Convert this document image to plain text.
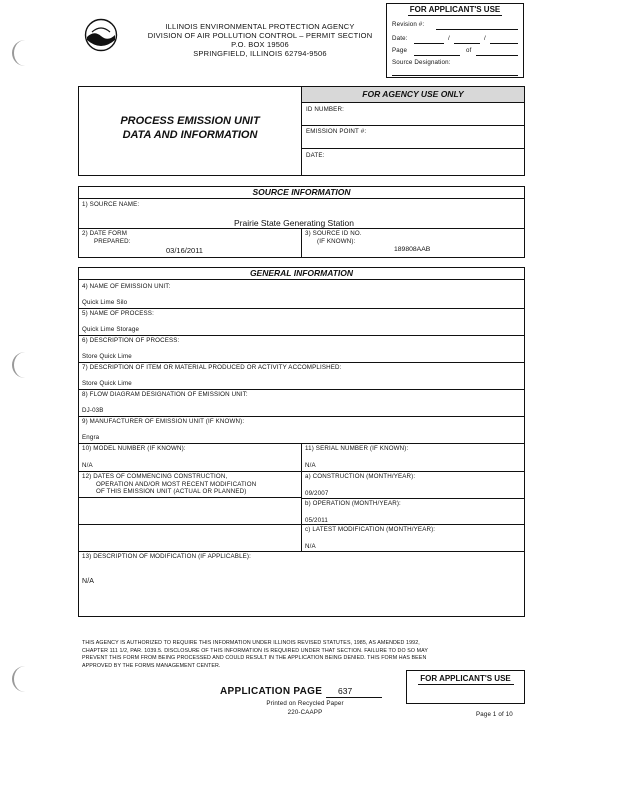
ILLINOIS ENVIRONMENTAL PROTECTION AGENCY
DIVISION OF AIR POLLUTION CONTROL – PERMIT SECTION
P.O. BOX 19506
SPRINGFIELD, ILLINOIS 62794-9506
FOR APPLICANT'S USE
Revision #:
Date:	/	/
Page	of
Source Designation:
PROCESS EMISSION UNIT
DATA AND INFORMATION
FOR AGENCY USE ONLY
ID NUMBER:
EMISSION POINT #:
DATE:
SOURCE INFORMATION
1) SOURCE NAME:
Prairie State Generating Station
2) DATE FORM
PREPARED:
03/16/2011
3) SOURCE ID NO.
(IF KNOWN):
189808AAB
GENERAL INFORMATION
4) NAME OF EMISSION UNIT:
Quick Lime Silo
5) NAME OF PROCESS:
Quick Lime Storage
6) DESCRIPTION OF PROCESS:
Store Quick Lime
7) DESCRIPTION OF ITEM OR MATERIAL PRODUCED OR ACTIVITY ACCOMPLISHED:
Store Quick Lime
8) FLOW DIAGRAM DESIGNATION OF EMISSION UNIT:
DJ-03B
9) MANUFACTURER OF EMISSION UNIT (IF KNOWN):
Engra
10) MODEL NUMBER (IF KNOWN):
N/A
11) SERIAL NUMBER (IF KNOWN):
N/A
12) DATES OF COMMENCING CONSTRUCTION,
OPERATION AND/OR MOST RECENT MODIFICATION
OF THIS EMISSION UNIT (ACTUAL OR PLANNED)
a) CONSTRUCTION (MONTH/YEAR):
09/2007
b) OPERATION (MONTH/YEAR):
05/2011
c) LATEST MODIFICATION (MONTH/YEAR):
N/A
13) DESCRIPTION OF MODIFICATION (IF APPLICABLE):
N/A
THIS AGENCY IS AUTHORIZED TO REQUIRE THIS INFORMATION UNDER ILLINOIS REVISED STATUTES, 1985, AS AMENDED 1992,
CHAPTER 111 1/2, PAR. 1039.5. DISCLOSURE OF THIS INFORMATION IS REQUIRED UNDER THAT SECTION. FAILURE TO DO SO MAY
PREVENT THIS FORM FROM BEING PROCESSED AND COULD RESULT IN THE APPLICATION BEING DENIED. THIS FORM HAS BEEN
APPROVED BY THE FORMS MANAGEMENT CENTER.
FOR APPLICANT'S USE
APPLICATION PAGE 637
Printed on Recycled Paper
220-CAAPP	Page 1 of 10
